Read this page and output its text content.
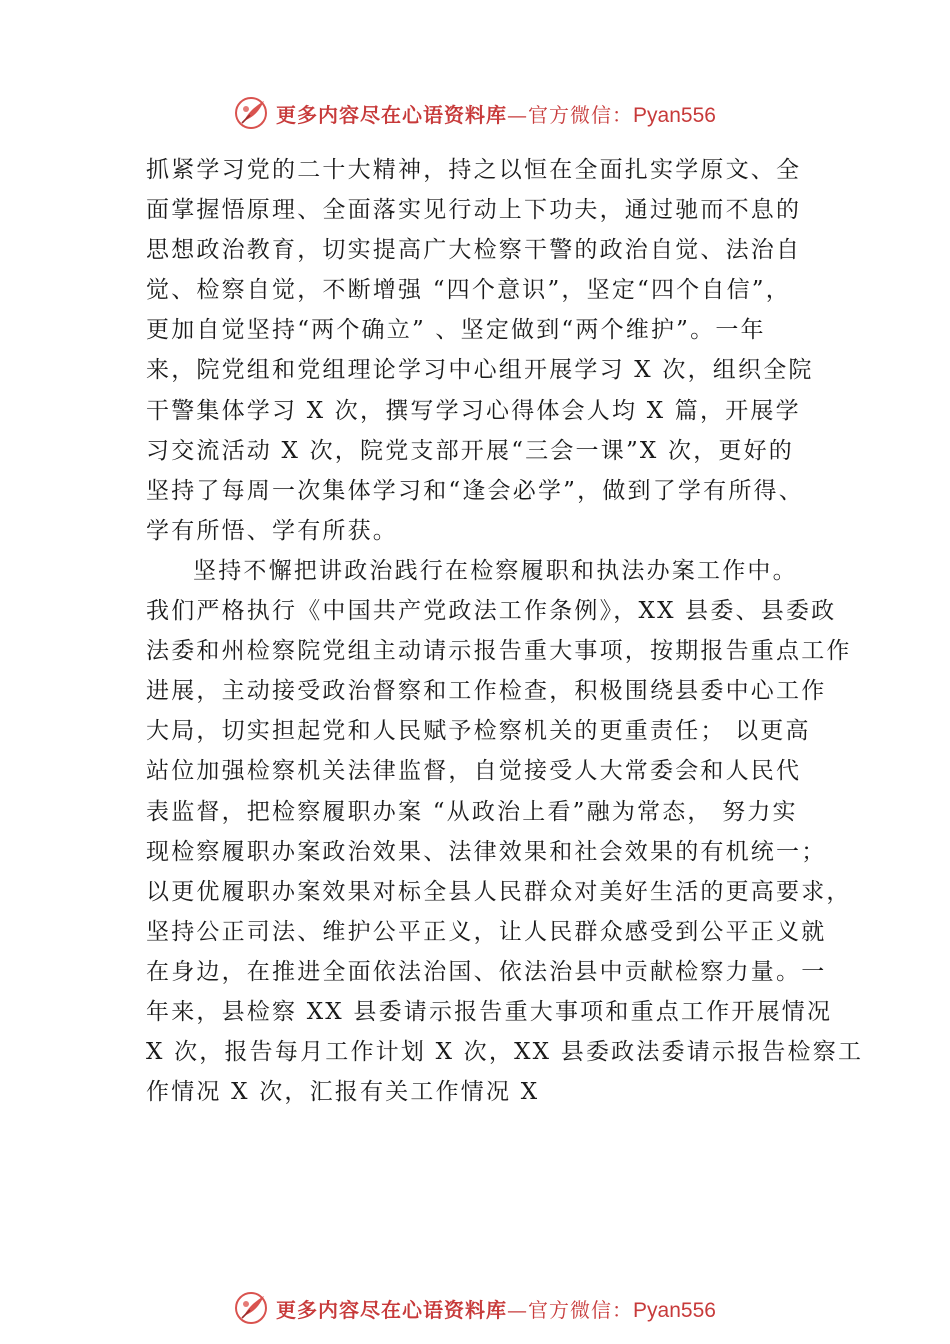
更多内容尽在心语资料库—官方微信：Pyan556
抓紧学习党的二十大精神，持之以恒在全面扎实学原文、全
面掌握悟原理、全面落实见行动上下功夫，通过驰而不息的
思想政治教育，切实提高广大检察干警的政治自觉、法治自
觉、检察自觉，不断增强 “四个意识”，坚定“四个自信”，
更加自觉坚持“两个确立” 、坚定做到“两个维护”。一年
来，院党组和党组理论学习中心组开展学习 X 次，组织全院
干警集体学习 X 次，撰写学习心得体会人均 X 篇，开展学
习交流活动 X 次，院党支部开展“三会一课”X 次，更好的
坚持了每周一次集体学习和“逢会必学”，做到了学有所得、
学有所悟、学有所获。
坚持不懈把讲政治践行在检察履职和执法办案工作中。
我们严格执行《中国共产党政法工作条例》，XX 县委、县委政
法委和州检察院党组主动请示报告重大事项，按期报告重点工作
进展，主动接受政治督察和工作检查，积极围绕县委中心工作
大局，切实担起党和人民赋予检察机关的更重责任； 以更高
站位加强检察机关法律监督，自觉接受人大常委会和人民代
表监督，把检察履职办案 “从政治上看”融为常态， 努力实
现检察履职办案政治效果、法律效果和社会效果的有机统一；
以更优履职办案效果对标全县人民群众对美好生活的更高要求，
坚持公正司法、维护公平正义，让人民群众感受到公平正义就
在身边，在推进全面依法治国、依法治县中贡献检察力量。一
年来，县检察 XX 县委请示报告重大事项和重点工作开展情况
X 次，报告每月工作计划 X 次，XX 县委政法委请示报告检察工
作情况 X 次，汇报有关工作情况 X
更多内容尽在心语资料库—官方微信：Pyan556
